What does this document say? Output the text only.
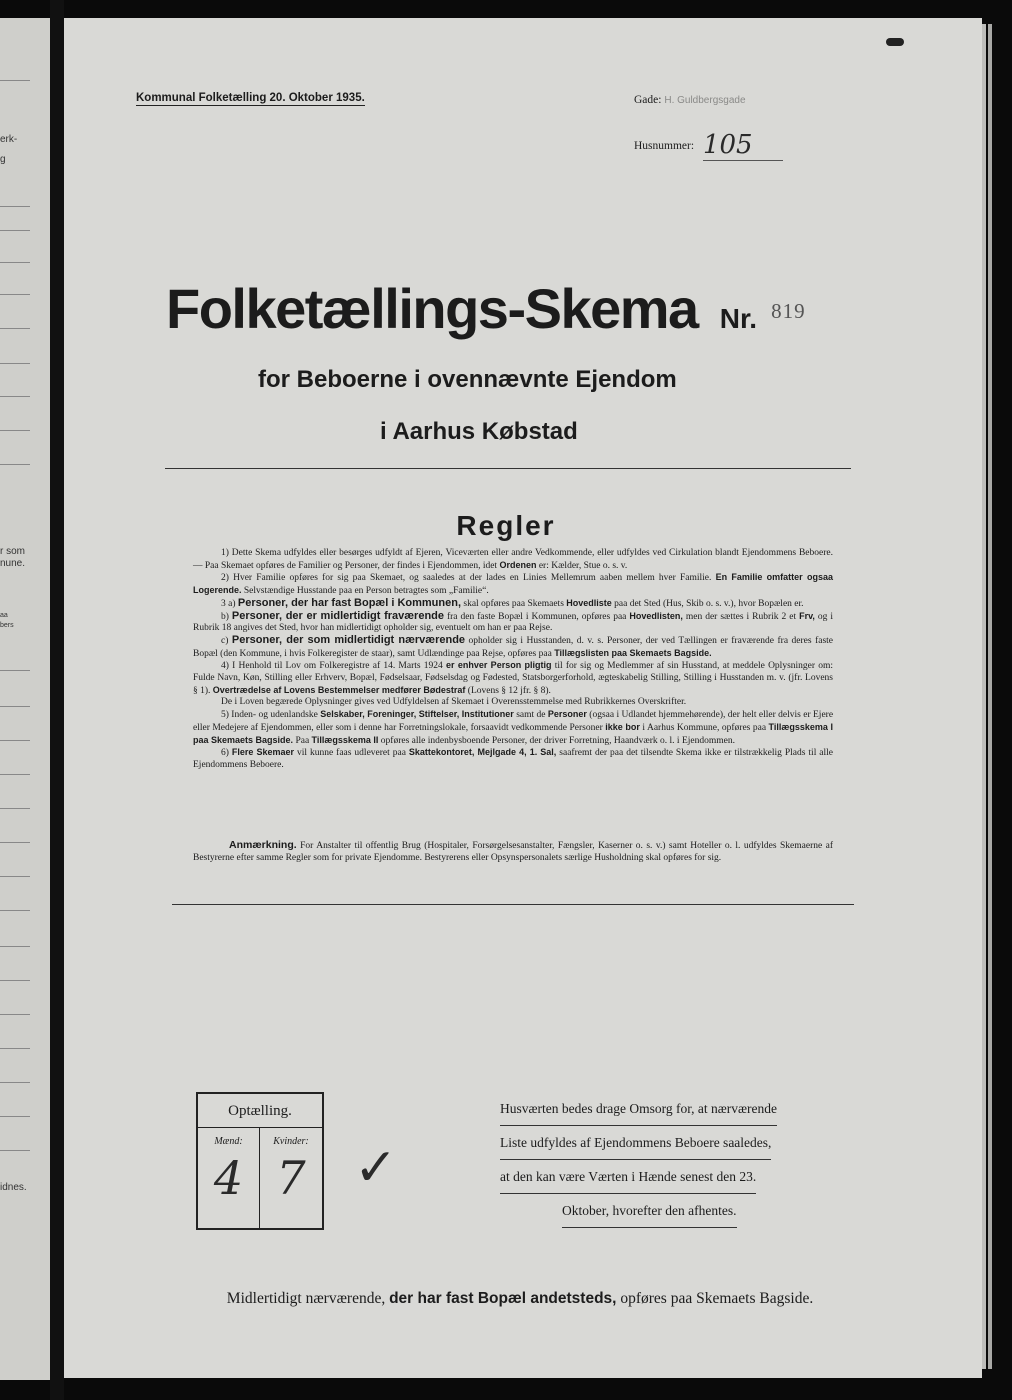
erk-
g
r som
nune.
aa
bers
idnes.
Kommunal Folketælling 20. Oktober 1935.	Gade: H. Guldbergsgade
Husnummer: 105
Folketællings-Skema Nr. 819
for Beboerne i ovennævnte Ejendom
i Aarhus Købstad
Regler

1) Dette Skema udfyldes eller besørges udfyldt af Ejeren, Viceværten eller andre Vedkommende, eller udfyldes ved Cirkulation blandt Ejendommens Beboere. — Paa Skemaet opføres de Familier og Personer, der findes i Ejendommen, idet Ordenen er: Kælder, Stue o. s. v.

2) Hver Familie opføres for sig paa Skemaet, og saaledes at der lades en Linies Mellemrum aaben mellem hver Familie. En Familie omfatter ogsaa Logerende. Selvstændige Husstande paa en Person betragtes som „Familie“.

3 a) Personer, der har fast Bopæl i Kommunen, skal opføres paa Skemaets Hovedliste paa det Sted (Hus, Skib o. s. v.), hvor Bopælen er.

b) Personer, der er midlertidigt fraværende fra den faste Bopæl i Kommunen, opføres paa Hovedlisten, men der sættes i Rubrik 2 et Frv, og i Rubrik 18 angives det Sted, hvor han midlertidigt opholder sig, eventuelt om han er paa Rejse.

c) Personer, der som midlertidigt nærværende opholder sig i Husstanden, d. v. s. Personer, der ved Tællingen er fraværende fra deres faste Bopæl (den Kommune, i hvis Folkeregister de staar), samt Udlændinge paa Rejse, opføres paa Tillægslisten paa Skemaets Bagside.

4) I Henhold til Lov om Folkeregistre af 14. Marts 1924 er enhver Person pligtig til for sig og Medlemmer af sin Husstand, at meddele Oplysninger om: Fulde Navn, Køn, Stilling eller Erhverv, Bopæl, Fødselsaar, Fødselsdag og Fødested, Statsborgerforhold, ægteskabelig Stilling, Stilling i Husstanden m. v. (jfr. Lovens § 1). Overtrædelse af Lovens Bestemmelser medfører Bødestraf (Lovens § 12 jfr. § 8).

De i Loven begærede Oplysninger gives ved Udfyldelsen af Skemaet i Overensstemmelse med Rubrikkernes Overskrifter.

5) Inden- og udenlandske Selskaber, Foreninger, Stiftelser, Institutioner samt de Personer (ogsaa i Udlandet hjemmehørende), der helt eller delvis er Ejere eller Medejere af Ejendommen, eller som i denne har Forretningslokale, forsaavidt vedkommende Personer ikke bor i Aarhus Kommune, opføres paa Tillægsskema I paa Skemaets Bagside. Paa Tillægsskema II opføres alle indenbysboende Personer, der driver Forretning, Haandværk o. l. i Ejendommen.

6) Flere Skemaer vil kunne faas udleveret paa Skattekontoret, Mejlgade 4, 1. Sal, saafremt der paa det tilsendte Skema ikke er tilstrækkelig Plads til alle Ejendommens Beboere.

Anmærkning. For Anstalter til offentlig Brug (Hospitaler, Forsørgelsesanstalter, Fængsler, Kaserner o. s. v.) samt Hoteller o. l. udfyldes Skemaerne af Bestyrerne efter samme Regler som for private Ejendomme. Bestyrerens eller Opsynspersonalets særlige Husholdning skal opføres for sig.
Optælling.
Mænd:
4
Kvinder:
7 ✓
Husværten bedes drage Omsorg for, at nærværende
Liste udfyldes af Ejendommens Beboere saaledes,
at den kan være Værten i Hænde senest den 23.
Oktober, hvorefter den afhentes.
Midlertidigt nærværende, der har fast Bopæl andetsteds, opføres paa Skemaets Bagside.
